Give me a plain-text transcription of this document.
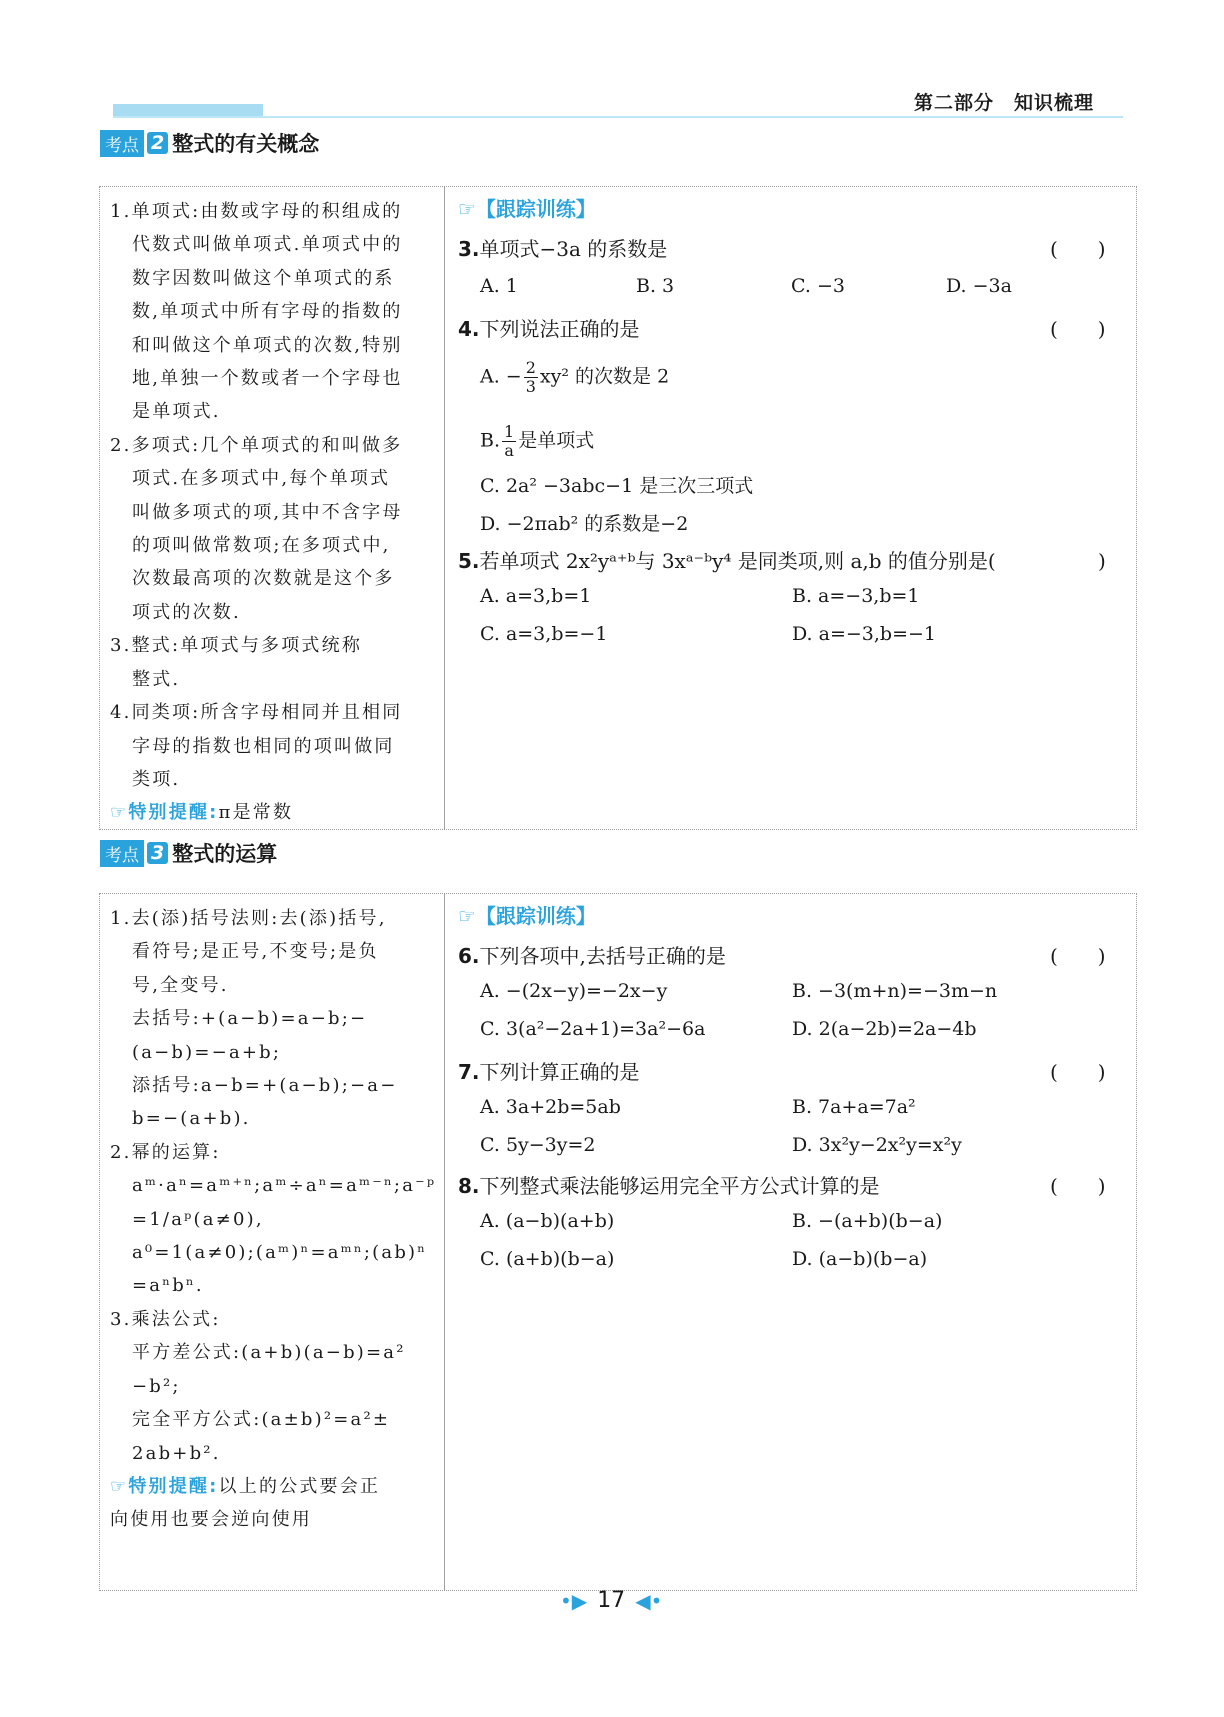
第二部分　知识梳理
考点 2 整式的有关概念

1.单项式:由数或字母的积组成的

代数式叫做单项式.单项式中的

数字因数叫做这个单项式的系

数,单项式中所有字母的指数的

和叫做这个单项式的次数,特别

地,单独一个数或者一个字母也

是单项式.

2.多项式:几个单项式的和叫做多

项式.在多项式中,每个单项式

叫做多项式的项,其中不含字母

的项叫做常数项;在多项式中,

次数最高项的次数就是这个多

项式的次数.

3.整式:单项式与多项式统称

整式.

4.同类项:所含字母相同并且相同

字母的指数也相同的项叫做同

类项.

☞特别提醒:π是常数

☞【跟踪训练】
3.单项式−3a 的系数是	(　　)
A. 1	B. 3	C. −3	D. −3a
4.下列说法正确的是	(　　)
A. − $\frac{2}{3} xy^2$ 的次数是 2
B. $\frac{1}{a}$ 是单项式
C. 2a² −3abc−1 是三次三项式
D. −2πab² 的系数是−2
5.若单项式 2x²yᵃ⁺ᵇ与 3xᵃ⁻ᵇy⁴ 是同类项,则 a,b 的值分别是(	　　)
A. a=3,b=1	B. a=−3,b=1
C. a=3,b=−1	D. a=−3,b=−1
考点 3 整式的运算

1.去(添)括号法则:去(添)括号,

看符号;是正号,不变号;是负

号,全变号.

去括号:+(a−b)=a−b;−

(a−b)=−a+b;

添括号:a−b=+(a−b);−a−

b=−(a+b).

2.幂的运算:

aᵐ·aⁿ=aᵐ⁺ⁿ;aᵐ÷aⁿ=aᵐ⁻ⁿ;a⁻ᵖ

=1/aᵖ(a≠0),

a⁰=1(a≠0);(aᵐ)ⁿ=aᵐⁿ;(ab)ⁿ

=aⁿbⁿ.

3.乘法公式:

平方差公式:(a+b)(a−b)=a²

−b²;

完全平方公式:(a±b)²=a²±

2ab+b².

☞特别提醒:以上的公式要会正

向使用也要会逆向使用

☞【跟踪训练】
6.下列各项中,去括号正确的是	(　　)
A. −(2x−y)=−2x−y	B. −3(m+n)=−3m−n
C. 3(a²−2a+1)=3a²−6a	D. 2(a−2b)=2a−4b
7.下列计算正确的是	(　　)
A. 3a+2b=5ab	B. 7a+a=7a²
C. 5y−3y=2	D. 3x²y−2x²y=x²y
8.下列整式乘法能够运用完全平方公式计算的是	(　　)
A. (a−b)(a+b)	B. −(a+b)(b−a)
C. (a+b)(b−a)	D. (a−b)(b−a)
•▶ 17 ◀•
